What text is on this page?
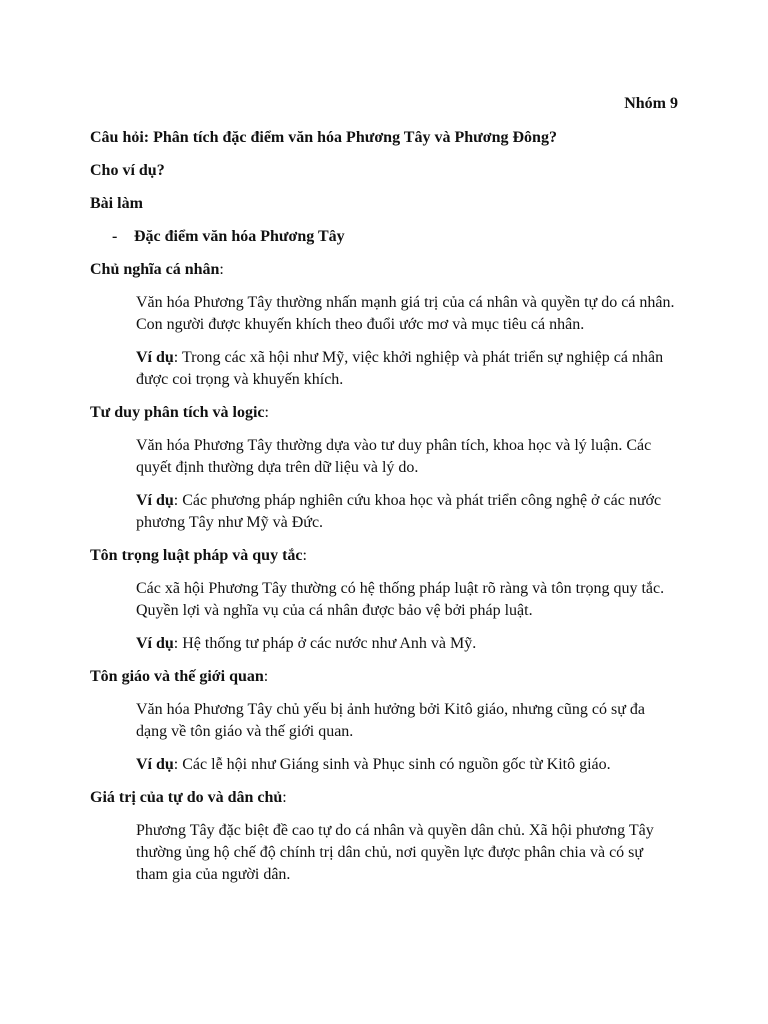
Nhóm 9
Câu hỏi: Phân tích đặc điểm văn hóa Phương Tây và Phương Đông?
Cho ví dụ?
Bài làm
-	Đặc điểm văn hóa Phương Tây
Chủ nghĩa cá nhân:
Văn hóa Phương Tây thường nhấn mạnh giá trị của cá nhân và quyền tự do cá nhân. Con người được khuyến khích theo đuổi ước mơ và mục tiêu cá nhân.
Ví dụ: Trong các xã hội như Mỹ, việc khởi nghiệp và phát triển sự nghiệp cá nhân được coi trọng và khuyến khích.
Tư duy phân tích và logic:
Văn hóa Phương Tây thường dựa vào tư duy phân tích, khoa học và lý luận. Các quyết định thường dựa trên dữ liệu và lý do.
Ví dụ: Các phương pháp nghiên cứu khoa học và phát triển công nghệ ở các nước phương Tây như Mỹ và Đức.
Tôn trọng luật pháp và quy tắc:
Các xã hội Phương Tây thường có hệ thống pháp luật rõ ràng và tôn trọng quy tắc. Quyền lợi và nghĩa vụ của cá nhân được bảo vệ bởi pháp luật.
Ví dụ: Hệ thống tư pháp ở các nước như Anh và Mỹ.
Tôn giáo và thế giới quan:
Văn hóa Phương Tây chủ yếu bị ảnh hưởng bởi Kitô giáo, nhưng cũng có sự đa dạng về tôn giáo và thế giới quan.
Ví dụ: Các lễ hội như Giáng sinh và Phục sinh có nguồn gốc từ Kitô giáo.
Giá trị của tự do và dân chủ:
Phương Tây đặc biệt đề cao tự do cá nhân và quyền dân chủ. Xã hội phương Tây thường ủng hộ chế độ chính trị dân chủ, nơi quyền lực được phân chia và có sự tham gia của người dân.
